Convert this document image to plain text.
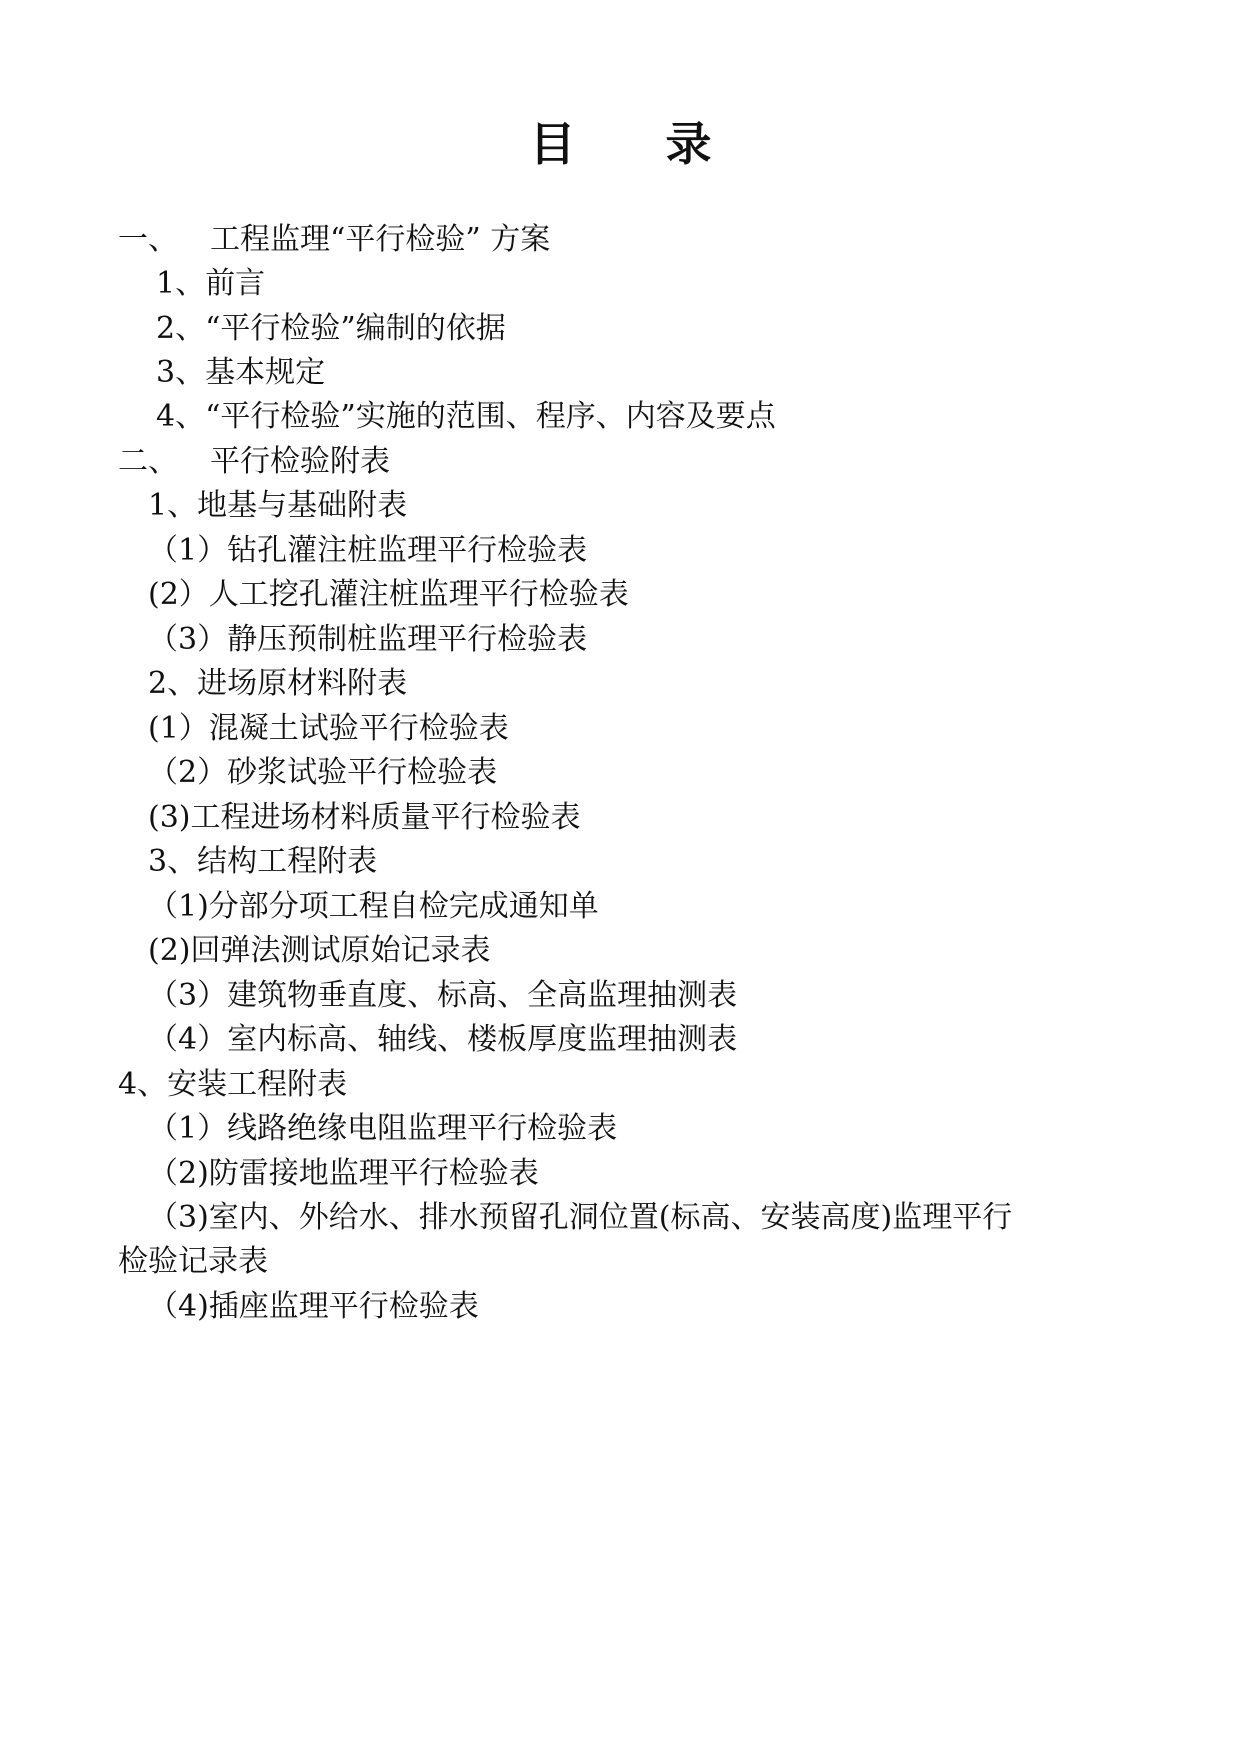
目 录
一、 工程监理“平行检验” 方案
1、前言
2、“平行检验”编制的依据
3、基本规定
4、“平行检验”实施的范围、程序、内容及要点
二、 平行检验附表
1、地基与基础附表
（1）钻孔灌注桩监理平行检验表
(2）人工挖孔灌注桩监理平行检验表
（3）静压预制桩监理平行检验表
2、进场原材料附表
(1）混凝土试验平行检验表
（2）砂浆试验平行检验表
(3)工程进场材料质量平行检验表
3、结构工程附表
（1)分部分项工程自检完成通知单
(2)回弹法测试原始记录表
（3）建筑物垂直度、标高、全高监理抽测表
（4）室内标高、轴线、楼板厚度监理抽测表
4、安装工程附表
（1）线路绝缘电阻监理平行检验表
（2)防雷接地监理平行检验表
（3)室内、外给水、排水预留孔洞位置(标高、安装高度)监理平行
检验记录表
（4)插座监理平行检验表
